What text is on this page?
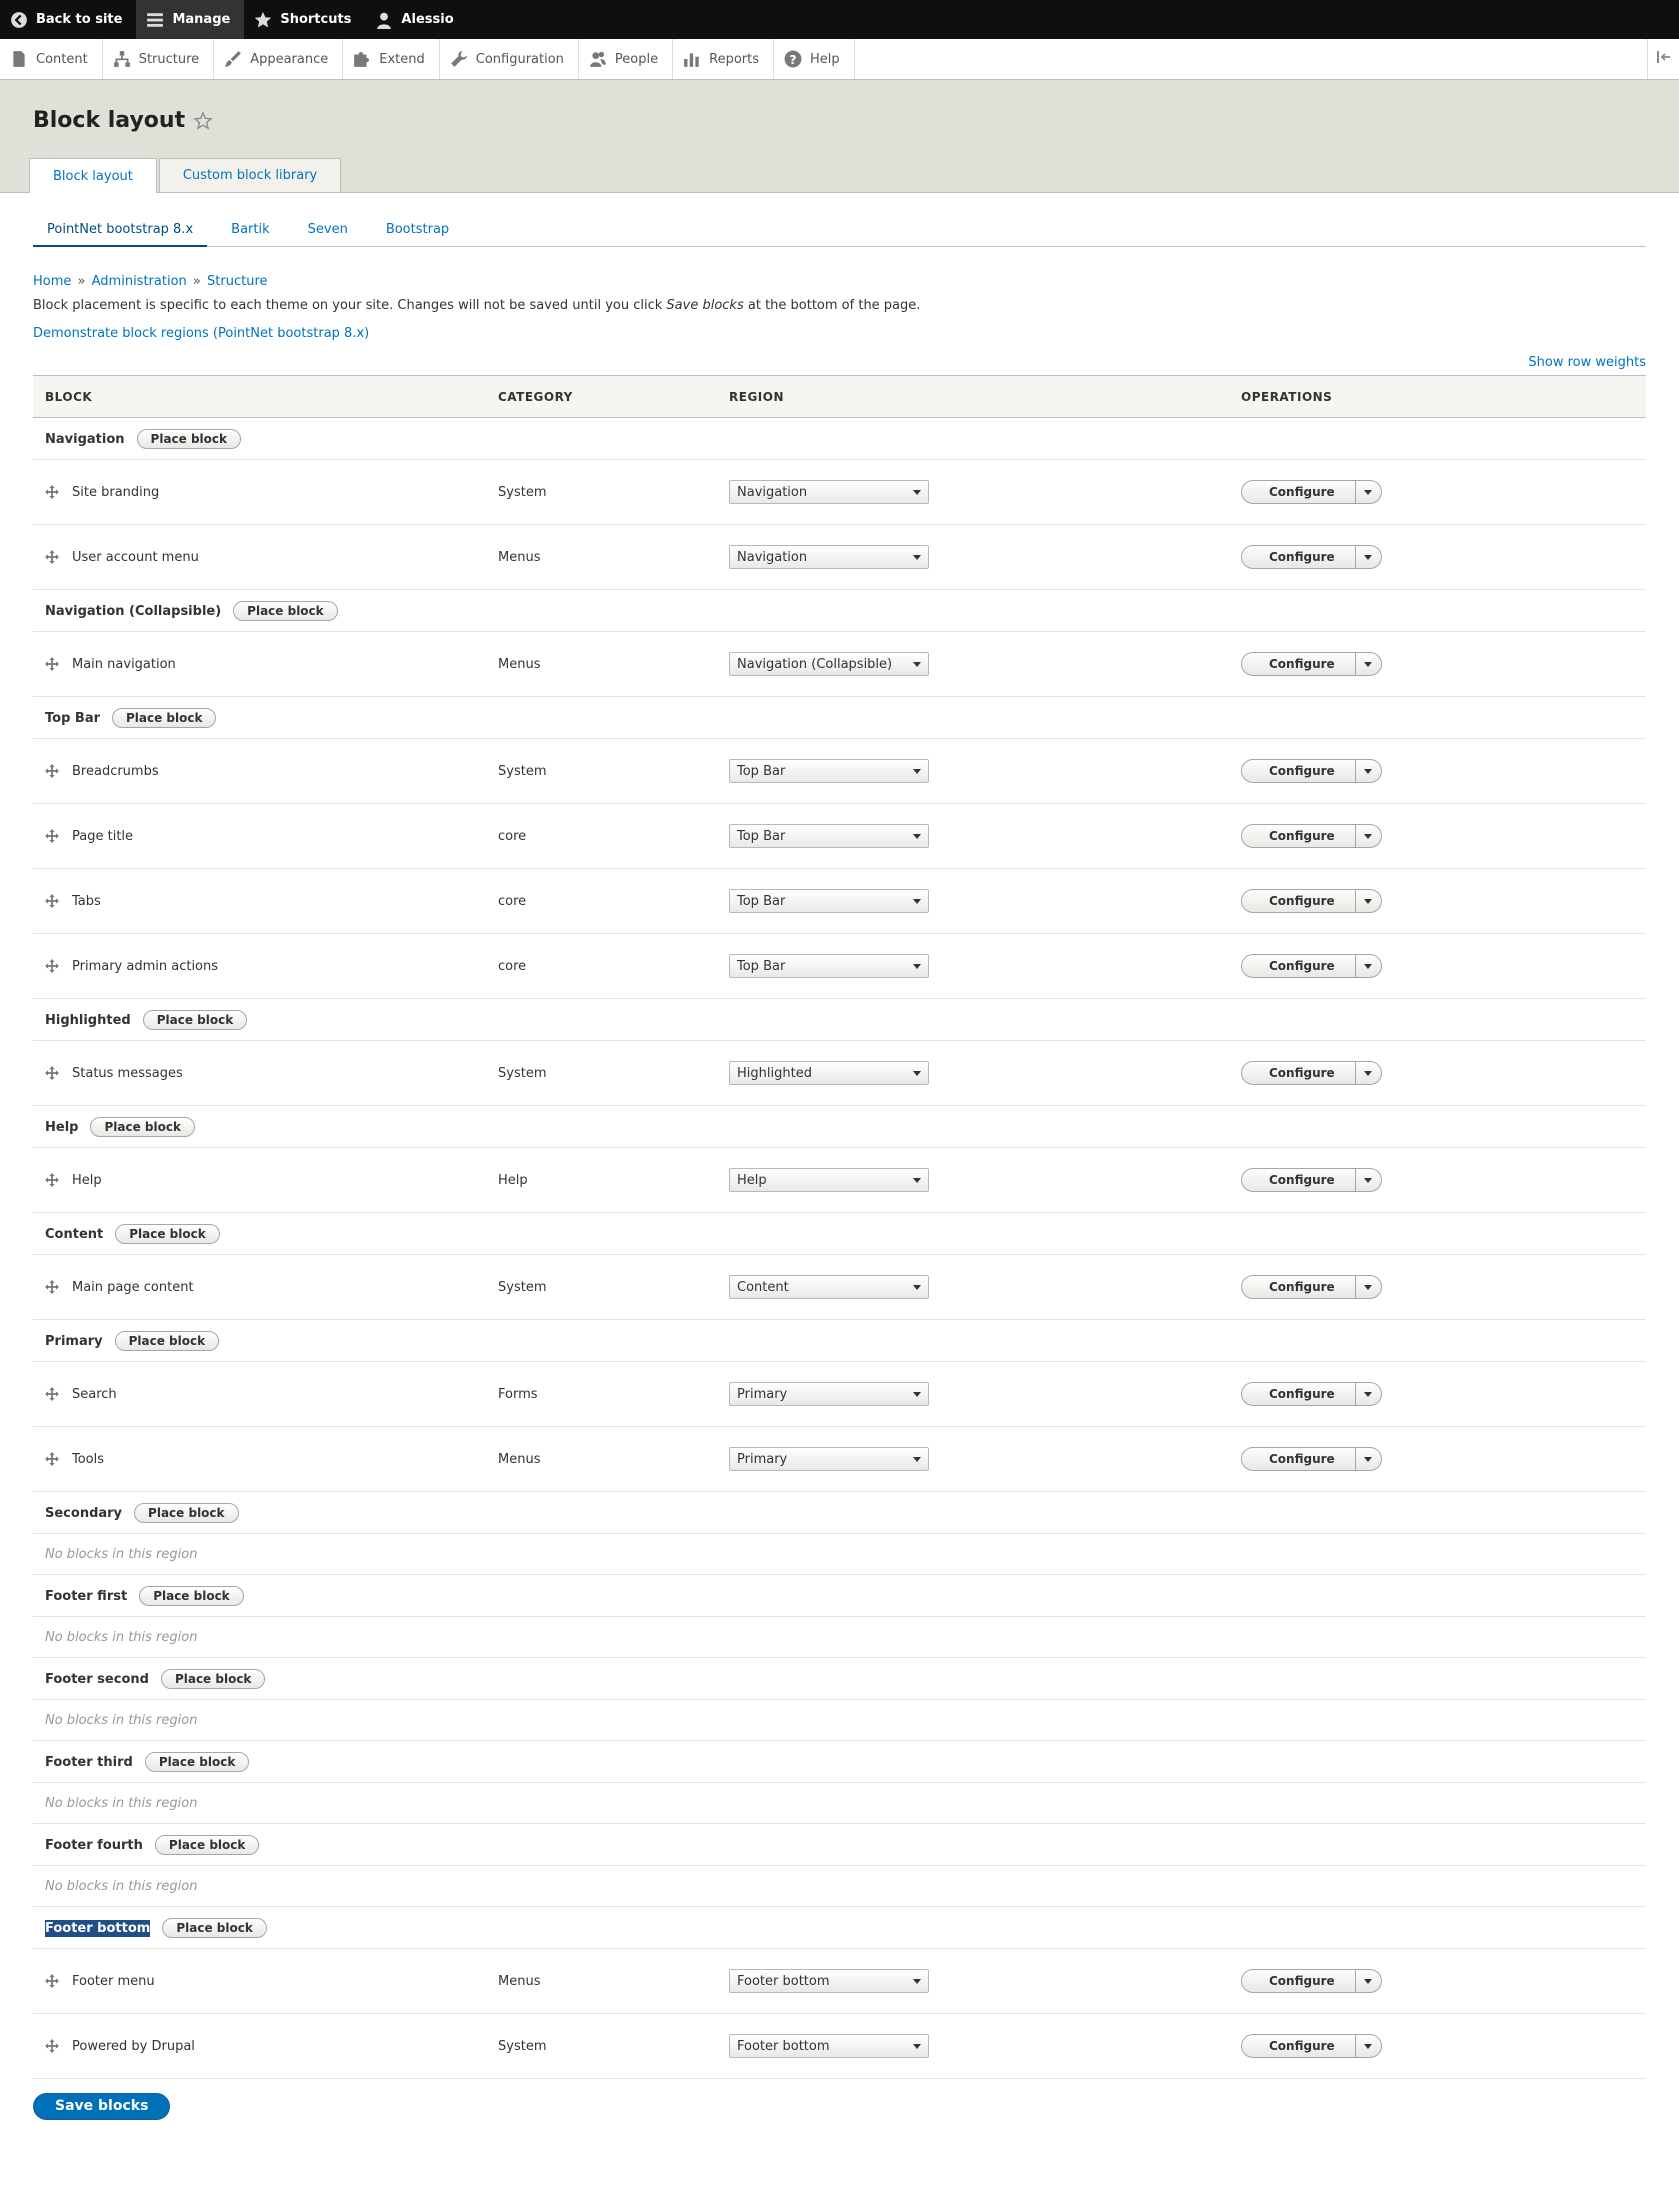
Back to site	Manage	Shortcuts	Alessio
Content	Structure	Appearance	Extend	Configuration	People	Reports	? Help
Block layout
Block layout	Custom block library
PointNet bootstrap 8.x	Bartik	Seven	Bootstrap
Home » Administration » Structure

Block placement is specific to each theme on your site. Changes will not be saved until you click Save blocks at the bottom of the page.

Demonstrate block regions (PointNet bootstrap 8.x)
Show row weights
BLOCK	CATEGORY	REGION	OPERATIONS
Navigation Place block			
Site branding	System	Navigation	Configure

User account menu	Menus	Navigation	Configure

Navigation (Collapsible) Place block			
Main navigation	Menus	Navigation (Collapsible)	Configure

Top Bar Place block			
Breadcrumbs	System	Top Bar	Configure

Page title	core	Top Bar	Configure

Tabs	core	Top Bar	Configure

Primary admin actions	core	Top Bar	Configure

Highlighted Place block			
Status messages	System	Highlighted	Configure

Help Place block			
Help	Help	Help	Configure

Content Place block			
Main page content	System	Content	Configure

Primary Place block			
Search	Forms	Primary	Configure

Tools	Menus	Primary	Configure

Secondary Place block			
No blocks in this region			
Footer first Place block			
No blocks in this region			
Footer second Place block			
No blocks in this region			
Footer third Place block			
No blocks in this region			
Footer fourth Place block			
No blocks in this region			
Footer bottom Place block			
Footer menu	Menus	Footer bottom	Configure

Powered by Drupal	System	Footer bottom	Configure
Save blocks
